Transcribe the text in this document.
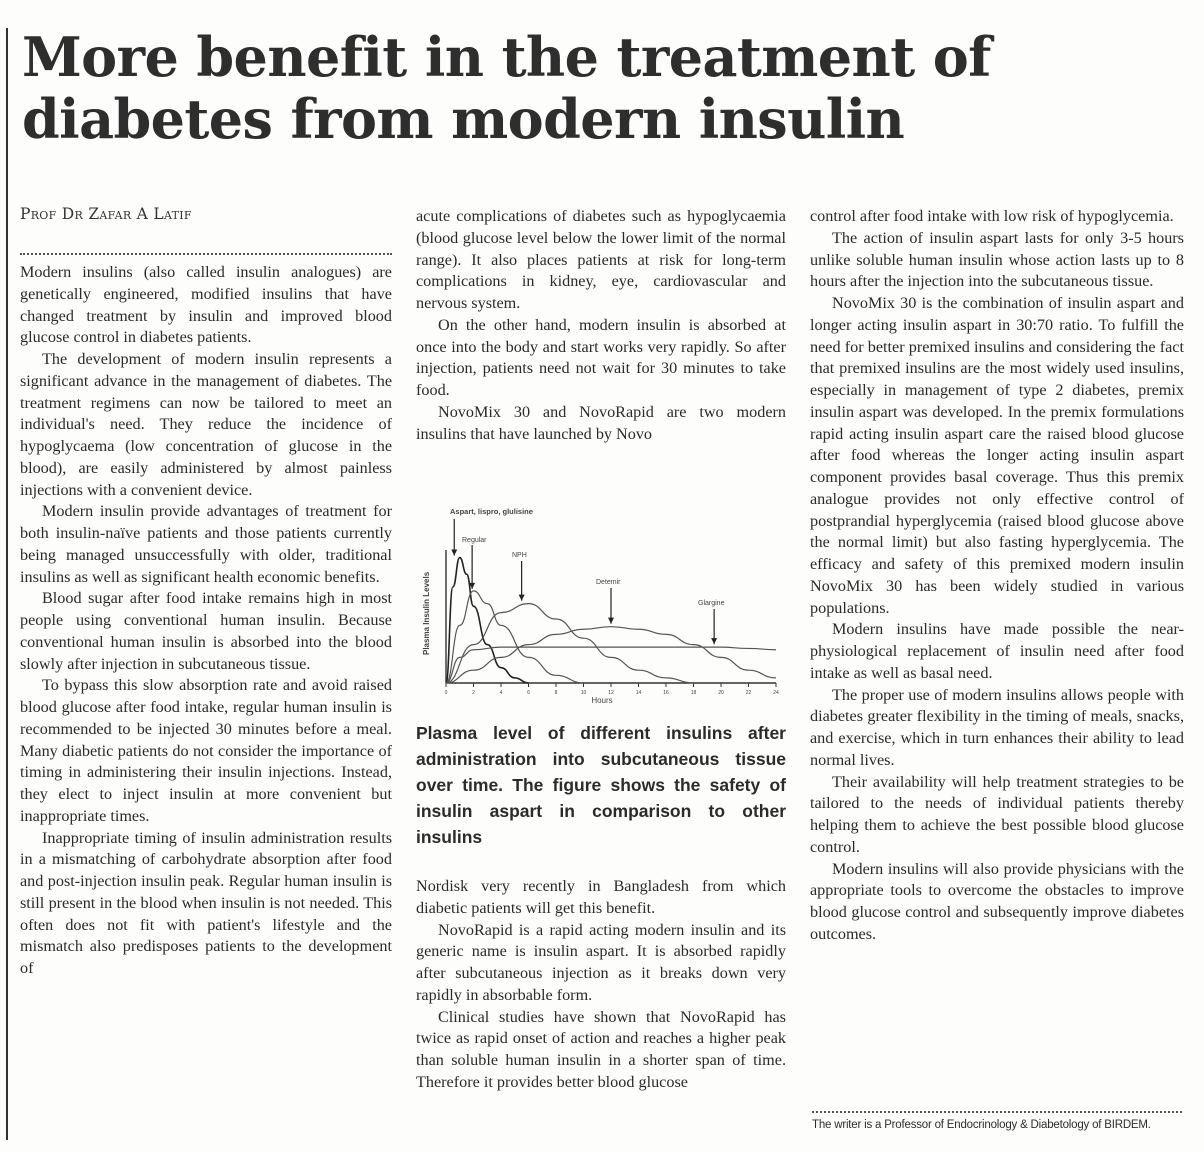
More benefit in the treatment of diabetes from modern insulin
Prof Dr Zafar A Latif

Modern insulins (also called insulin analogues) are genetically engineered, modified insulins that have changed treatment by insulin and improved blood glucose control in diabetes patients.

The development of modern insulin represents a significant advance in the management of diabetes. The treatment regimens can now be tailored to meet an individual's need. They reduce the incidence of hypoglycaema (low concentration of glucose in the blood), are easily administered by almost painless injections with a convenient device.

Modern insulin provide advantages of treatment for both insulin-naïve patients and those patients currently being managed unsuccessfully with older, traditional insulins as well as significant health economic benefits.

Blood sugar after food intake remains high in most people using conventional human insulin. Because conventional human insulin is absorbed into the blood slowly after injection in subcutaneous tissue.

To bypass this slow absorption rate and avoid raised blood glucose after food intake, regular human insulin is recommended to be injected 30 minutes before a meal. Many diabetic patients do not consider the importance of timing in administering their insulin injections. Instead, they elect to inject insulin at more convenient but inappropriate times.

Inappropriate timing of insulin administration results in a mismatching of carbohydrate absorption after food and post-injection insulin peak. Regular human insulin is still present in the blood when insulin is not needed. This often does not fit with patient's lifestyle and the mismatch also predisposes patients to the development of

acute complications of diabetes such as hypoglycaemia (blood glucose level below the lower limit of the normal range). It also places patients at risk for long-term complications in kidney, eye, cardiovascular and nervous system.

On the other hand, modern insulin is absorbed at once into the body and start works very rapidly. So after injection, patients need not wait for 30 minutes to take food.

NovoMix 30 and NovoRapid are two modern insulins that have launched by Novo

Plasma Insulin Levels
Hours
Aspart, lispro, glulisine
Regular
NPH
Detemir
Glargine
0	2	4	6	8	10	12	14	16	18	20	22	24

Plasma level of different insulins after administration into subcutaneous tissue over time. The figure shows the safety of insulin aspart in comparison to other insulins

Nordisk very recently in Bangladesh from which diabetic patients will get this benefit.

NovoRapid is a rapid acting modern insulin and its generic name is insulin aspart. It is absorbed rapidly after subcutaneous injection as it breaks down very rapidly in absorbable form.

Clinical studies have shown that NovoRapid has twice as rapid onset of action and reaches a higher peak than soluble human insulin in a shorter span of time. Therefore it provides better blood glucose

control after food intake with low risk of hypoglycemia.

The action of insulin aspart lasts for only 3-5 hours unlike soluble human insulin whose action lasts up to 8 hours after the injection into the subcutaneous tissue.

NovoMix 30 is the combination of insulin aspart and longer acting insulin aspart in 30:70 ratio. To fulfill the need for better premixed insulins and considering the fact that premixed insulins are the most widely used insulins, especially in management of type 2 diabetes, premix insulin aspart was developed. In the premix formulations rapid acting insulin aspart care the raised blood glucose after food whereas the longer acting insulin aspart component provides basal coverage. Thus this premix analogue provides not only effective control of postprandial hyperglycemia (raised blood glucose above the normal limit) but also fasting hyperglycemia. The efficacy and safety of this premixed modern insulin NovoMix 30 has been widely studied in various populations.

Modern insulins have made possible the near-physiological replacement of insulin need after food intake as well as basal need.

The proper use of modern insulins allows people with diabetes greater flexibility in the timing of meals, snacks, and exercise, which in turn enhances their ability to lead normal lives.

Their availability will help treatment strategies to be tailored to the needs of individual patients thereby helping them to achieve the best possible blood glucose control.

Modern insulins will also provide physicians with the appropriate tools to overcome the obstacles to improve blood glucose control and subsequently improve diabetes outcomes.

The writer is a Professor of Endocrinology & Diabetology of BIRDEM.
